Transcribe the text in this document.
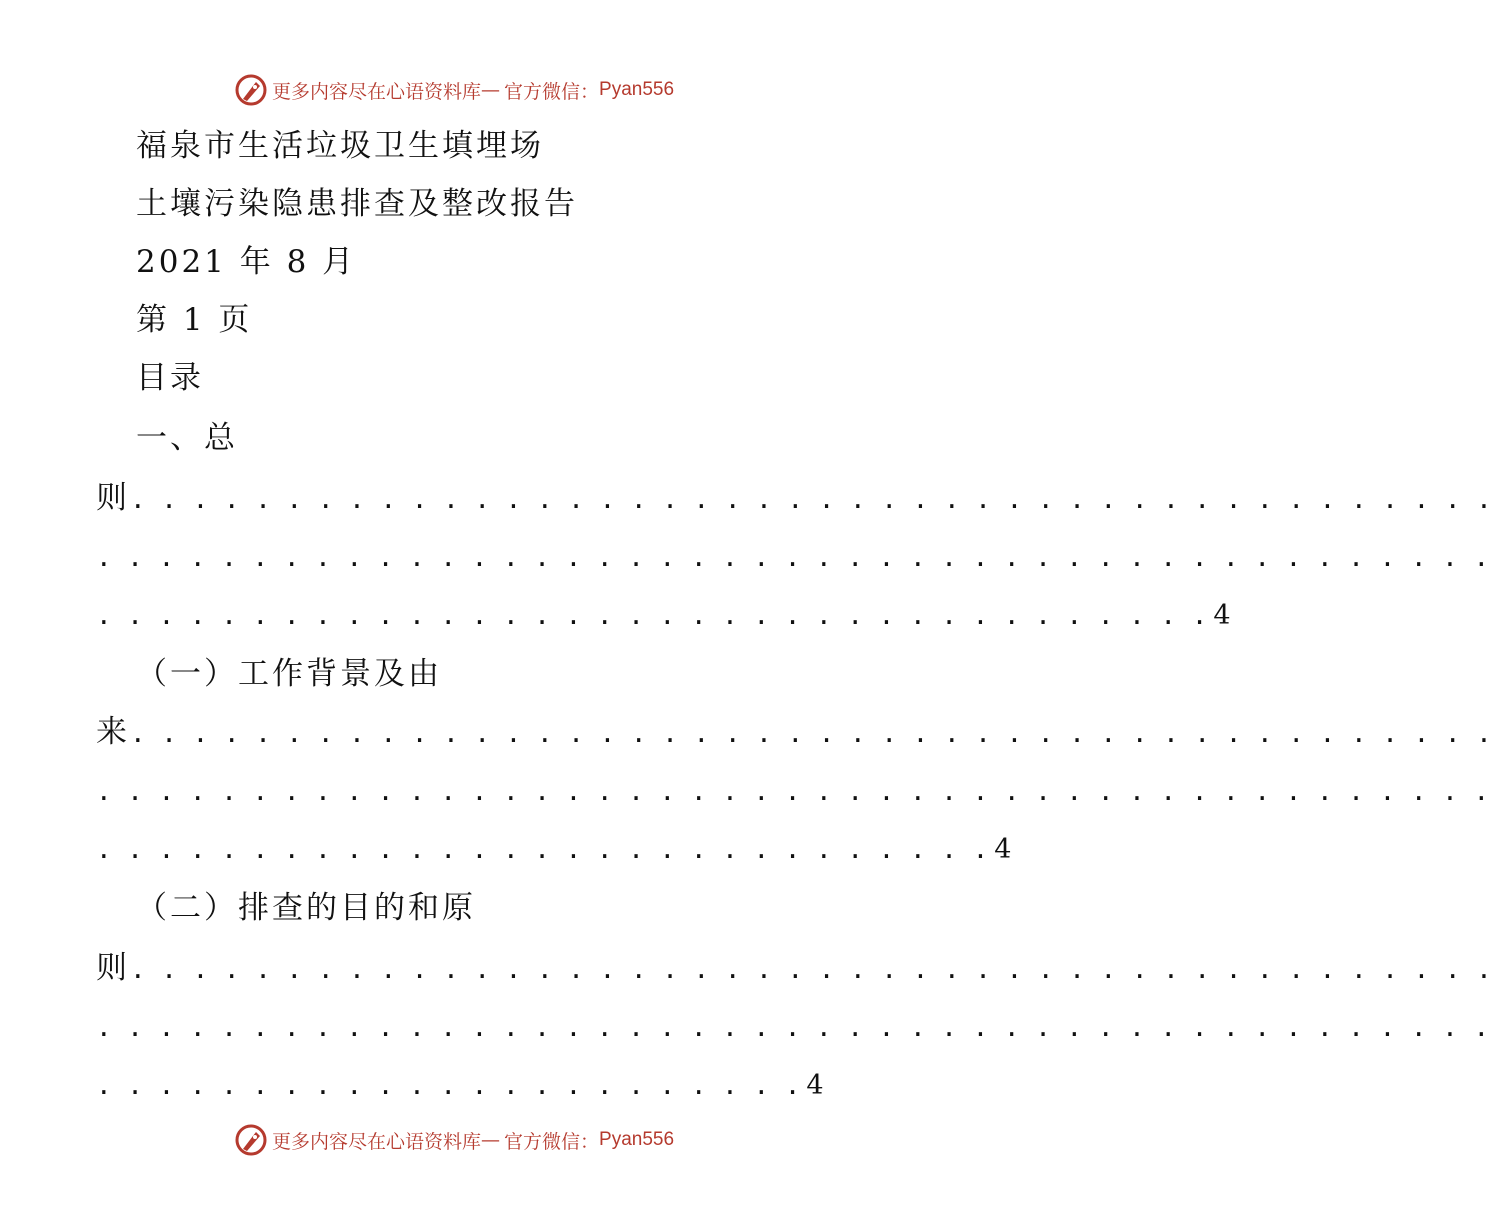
更多内容尽在心语资料库 — 官方微信： Pyan556
福泉市生活垃圾卫生填埋场
土壤污染隐患排查及整改报告
2021 年 8 月
第 1 页
目录
一、总
则 . . . . . . . . . . . . . . . . . . . . . . . . . . . . . . . . . . . . . . . . . . . .
. . . . . . . . . . . . . . . . . . . . . . . . . . . . . . . . . . . . . . . . . . . . .
. . . . . . . . . . . . . . . . . . . . . . . . . . . . . . . . . . . . 4
（一）工作背景及由
来 . . . . . . . . . . . . . . . . . . . . . . . . . . . . . . . . . . . . . . . . . . . .
. . . . . . . . . . . . . . . . . . . . . . . . . . . . . . . . . . . . . . . . . . . . .
. . . . . . . . . . . . . . . . . . . . . . . . . . . . . 4
（二）排查的目的和原
则 . . . . . . . . . . . . . . . . . . . . . . . . . . . . . . . . . . . . . . . . . . . .
. . . . . . . . . . . . . . . . . . . . . . . . . . . . . . . . . . . . . . . . . . . . .
. . . . . . . . . . . . . . . . . . . . . . . 4
更多内容尽在心语资料库 — 官方微信： Pyan556
